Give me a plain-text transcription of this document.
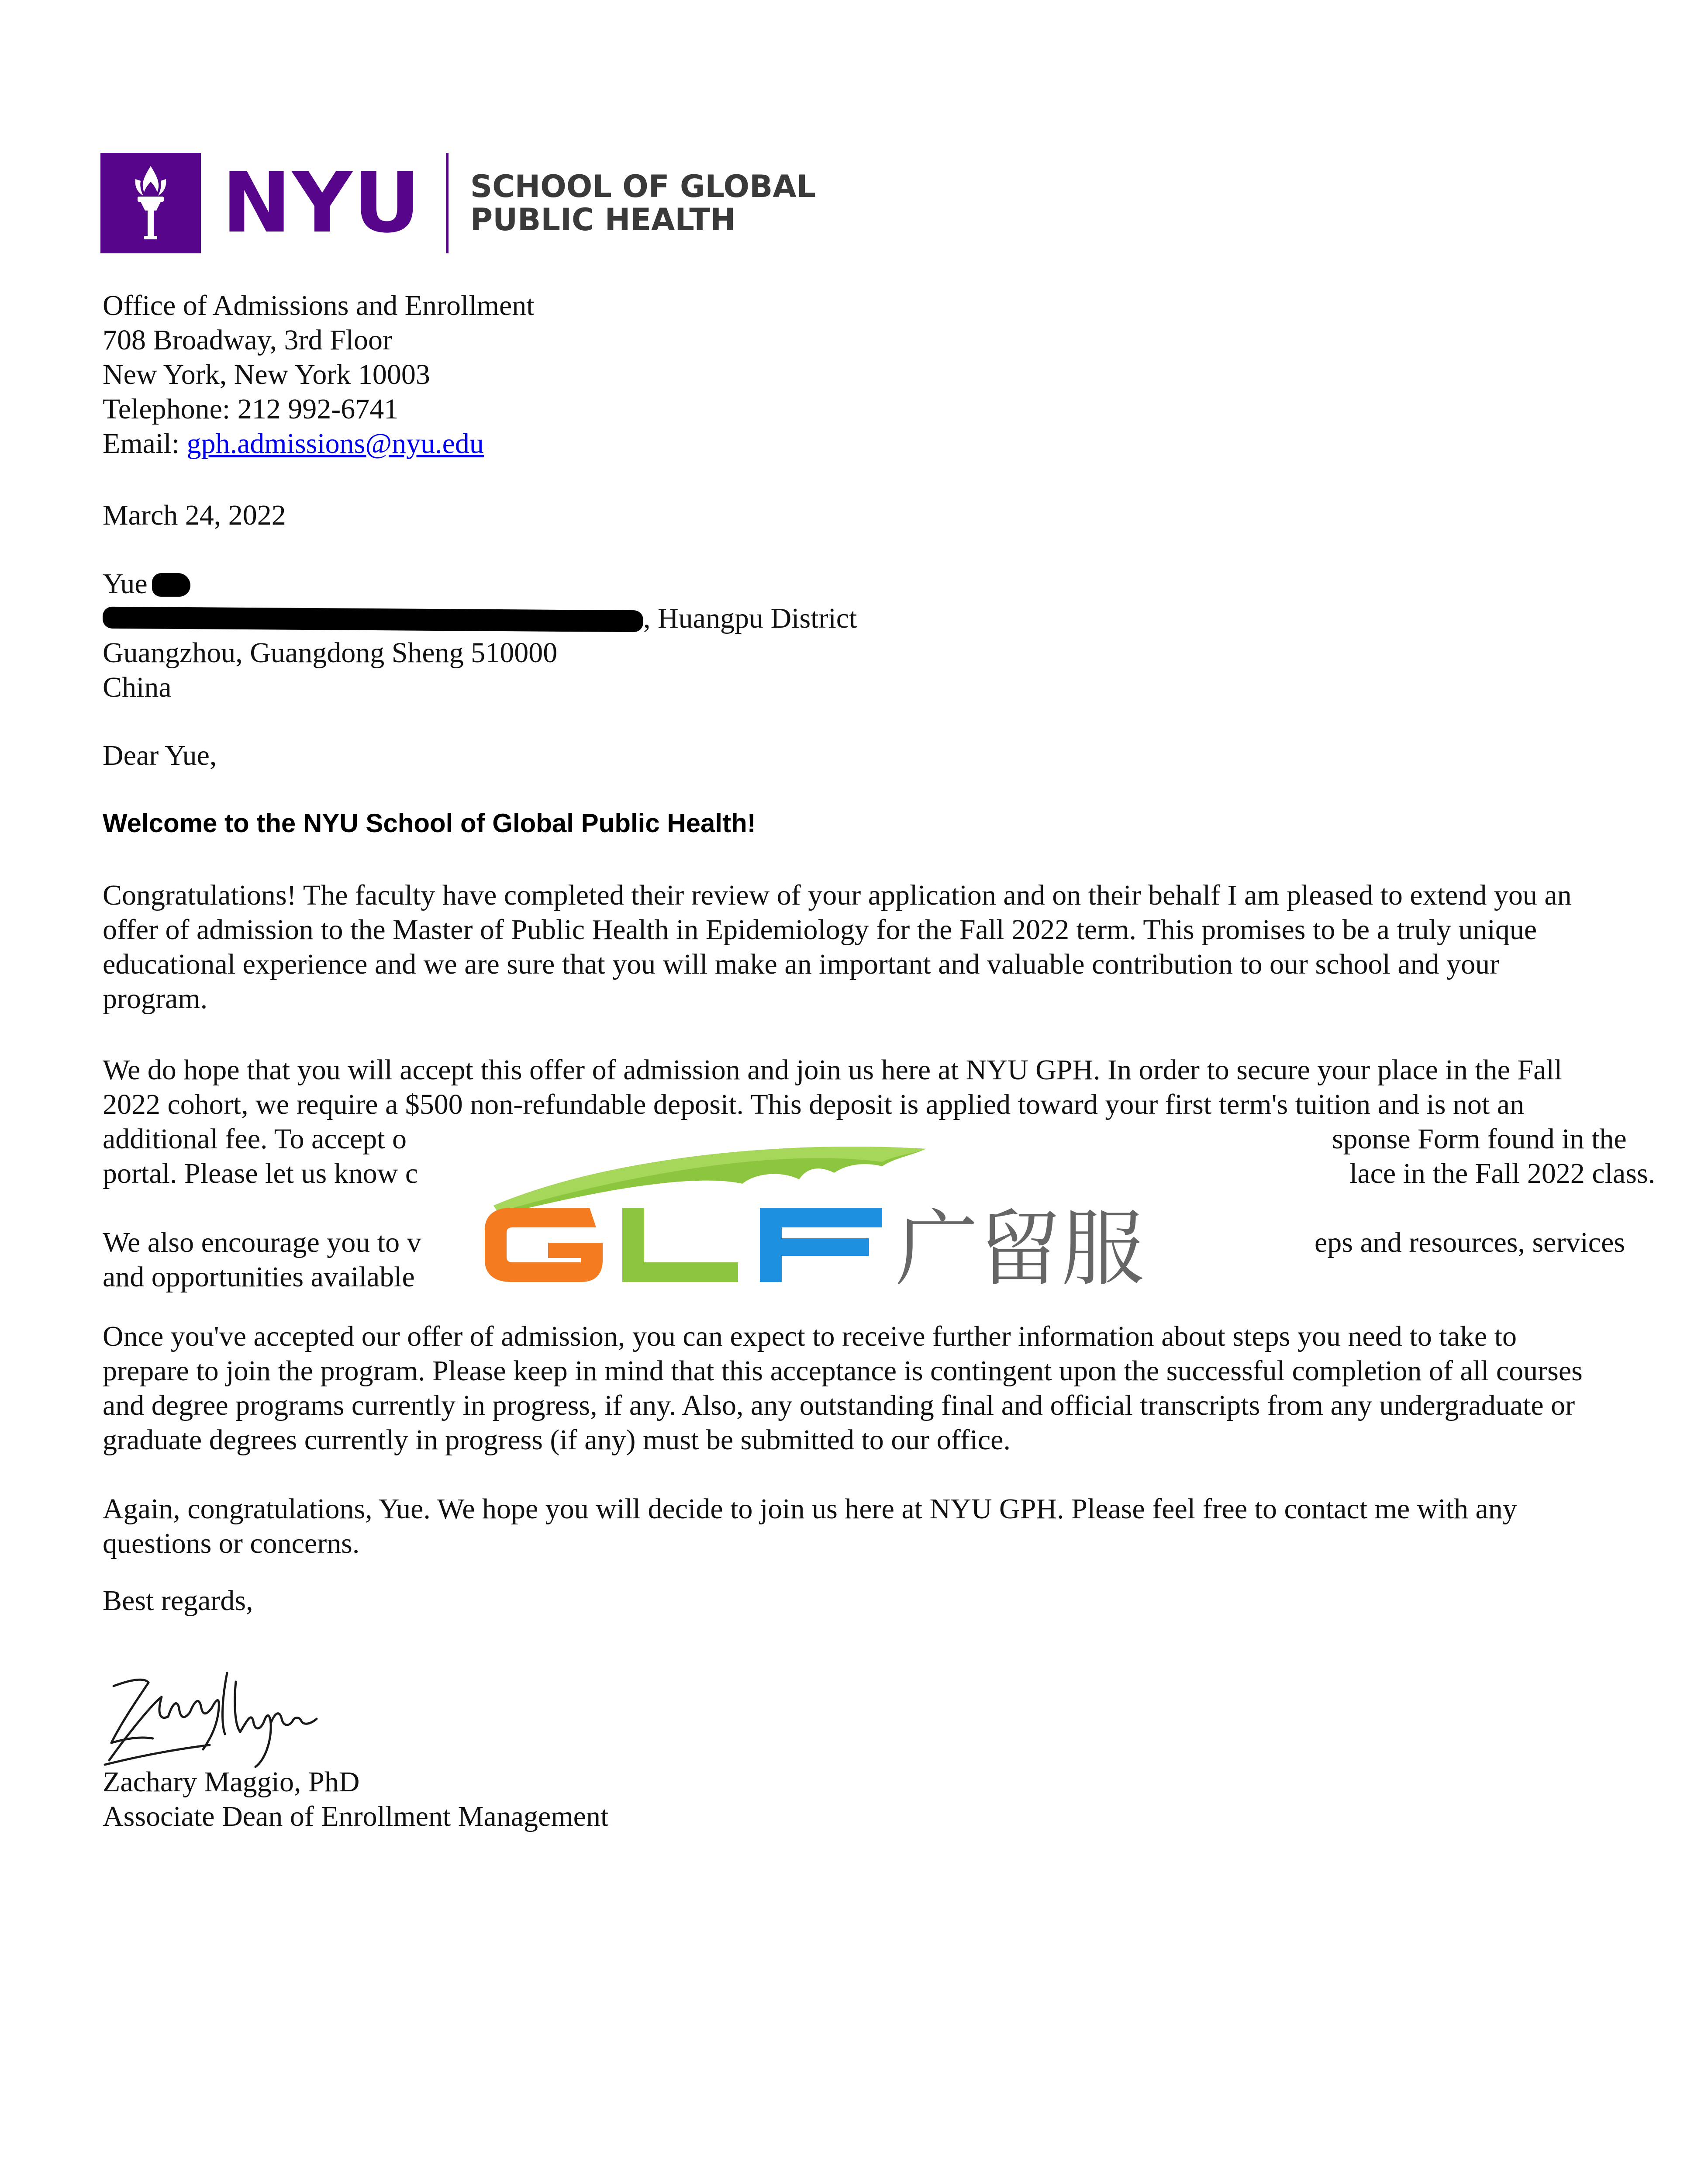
NYU SCHOOL OF GLOBAL
PUBLIC HEALTH
Office of Admissions and Enrollment
708 Broadway, 3rd Floor
New York, New York 10003
Telephone: 212 992-6741
Email: gph.admissions@nyu.edu
March 24, 2022
Yue
, Huangpu District
Guangzhou, Guangdong Sheng 510000
China
Dear Yue,
Welcome to the NYU School of Global Public Health!
Congratulations! The faculty have completed their review of your application and on their behalf I am pleased to extend you an
offer of admission to the Master of Public Health in Epidemiology for the Fall 2022 term. This promises to be a truly unique
educational experience and we are sure that you will make an important and valuable contribution to our school and your
program.
We do hope that you will accept this offer of admission and join us here at NYU GPH. In order to secure your place in the Fall
2022 cohort, we require a $500 non-refundable deposit. This deposit is applied toward your first term's tuition and is not an
additional fee. To accept o	sponse Form found in the
portal. Please let us know c	lace in the Fall 2022 class.
We also encourage you to v	eps and resources, services
and opportunities available
Once you've accepted our offer of admission, you can expect to receive further information about steps you need to take to
prepare to join the program. Please keep in mind that this acceptance is contingent upon the successful completion of all courses
and degree programs currently in progress, if any. Also, any outstanding final and official transcripts from any undergraduate or
graduate degrees currently in progress (if any) must be submitted to our office.
Again, congratulations, Yue. We hope you will decide to join us here at NYU GPH. Please feel free to contact me with any
questions or concerns.
Best regards,
Zachary Maggio, PhD
Associate Dean of Enrollment Management
广留服
